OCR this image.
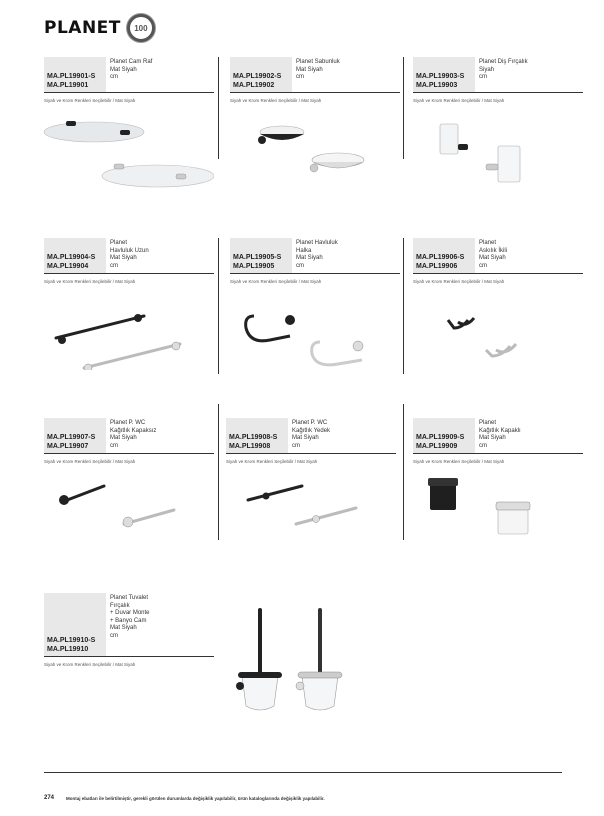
PLANET	100
MA.PL19901-S
MA.PL19901
Planet Cam Raf
Mat Siyah
cm
Siyah ve Krom Renkleri Seçilebilir / Mat Siyah
MA.PL19902-S
MA.PL19902
Planet Sabunluk
Mat Siyah
cm
Siyah ve Krom Renkleri Seçilebilir / Mat Siyah
MA.PL19903-S
MA.PL19903
Planet Diş Fırçalık
Siyah
cm
Siyah ve Krom Renkleri Seçilebilir / Mat Siyah
MA.PL19904-S
MA.PL19904
Planet
Havluluk Uzun
Mat Siyah
cm
Siyah ve Krom Renkleri Seçilebilir / Mat Siyah
MA.PL19905-S
MA.PL19905
Planet Havluluk
Halka
Mat Siyah
cm
Siyah ve Krom Renkleri Seçilebilir / Mat Siyah
MA.PL19906-S
MA.PL19906
Planet
Askılık İkili
Mat Siyah
cm
Siyah ve Krom Renkleri Seçilebilir / Mat Siyah
MA.PL19907-S
MA.PL19907
Planet P. WC
Kağıtlık Kapaksız
Mat Siyah
cm
Siyah ve Krom Renkleri Seçilebilir / Mat Siyah
MA.PL19908-S
MA.PL19908
Planet P. WC
Kağıtlık Yedek
Mat Siyah
cm
Siyah ve Krom Renkleri Seçilebilir / Mat Siyah
MA.PL19909-S
MA.PL19909
Planet
Kağıtlık Kapaklı
Mat Siyah
cm
Siyah ve Krom Renkleri Seçilebilir / Mat Siyah
MA.PL19910-S
MA.PL19910
Planet Tuvalet
Fırçalık
+ Duvar Monte
+ Banyo Cam
Mat Siyah
cm
Siyah ve Krom Renkleri Seçilebilir / Mat Siyah
274	Montaj ebatları ile belirtilmiştir, gerekli görülen durumlarda değişiklik yapılabilir, ürün kataloglarında değişiklik yapılabilir.
